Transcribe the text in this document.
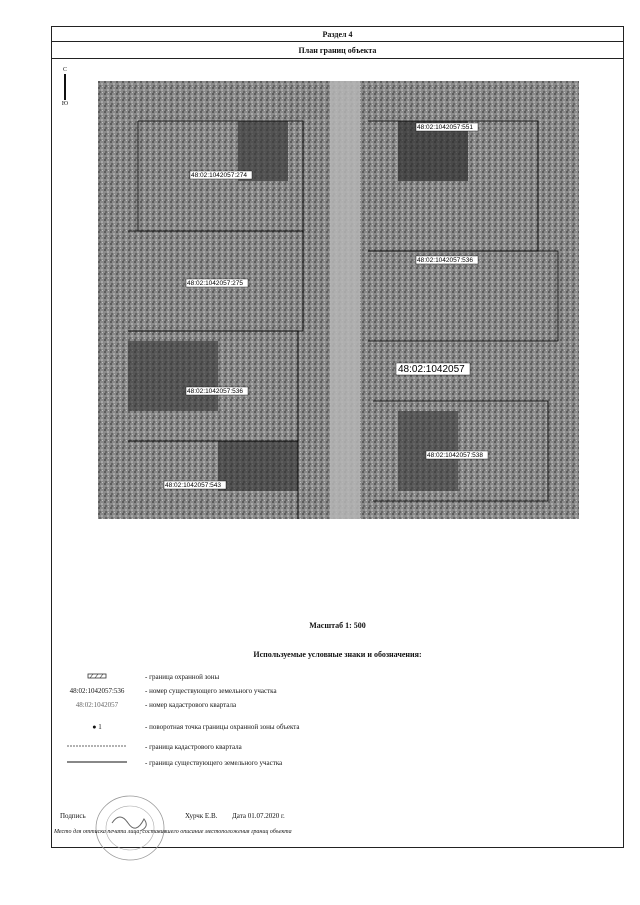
Раздел 4
План границ объекта
С
Ю
48:02:1042057:274
48:02:1042057:275
48:02:1042057:551
48:02:1042057:536
48:02:1042057:536
48:02:1042057:538
48:02:1042057:543
48:02:1042057
Масштаб 1: 500
Используемые условные знаки и обозначения:
- граница охранной зоны
48:02:1042057:536	- номер существующего земельного участка
48:02:1042057	- номер кадастрового квартала
● 1	- поворотная точка границы охранной зоны объекта
- граница кадастрового квартала
- граница существующего земельного участка
Подпись	Хурчк Е.В. Дата 01.07.2020 г.
Место для оттиска печати лица, составившего описание местоположения границ объекта
